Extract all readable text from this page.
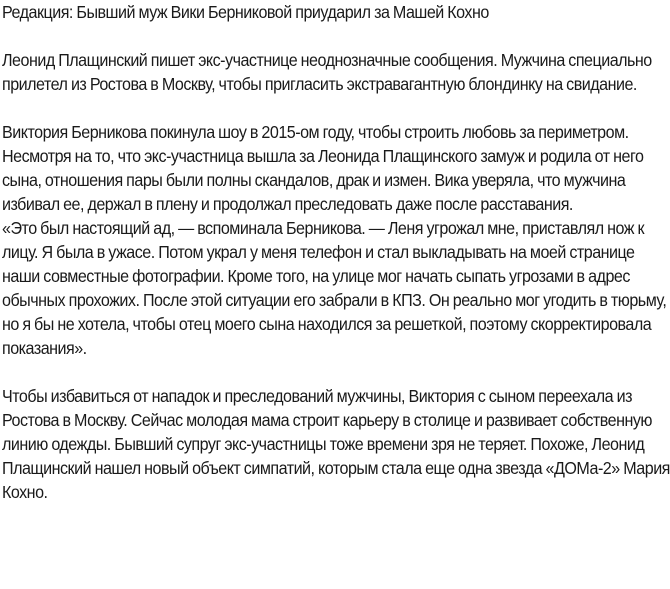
Редакция: Бывший муж Вики Берниковой приударил за Машей Кохно

Леонид Плащинский пишет экс-участнице неоднозначные сообщения. Мужчина специально прилетел из Ростова в Москву, чтобы пригласить экстравагантную блондинку на свидание.

Виктория Берникова покинула шоу в 2015-ом году, чтобы строить любовь за периметром. Несмотря на то, что экс-участница вышла за Леонида Плащинского замуж и родила от него сына, отношения пары были полны скандалов, драк и измен. Вика уверяла, что мужчина избивал ее, держал в плену и продолжал преследовать даже после расставания.

«Это был настоящий ад, — вспоминала Берникова. — Леня угрожал мне, приставлял нож к лицу. Я была в ужасе. Потом украл у меня телефон и стал выкладывать на моей странице наши совместные фотографии. Кроме того, на улице мог начать сыпать угрозами в адрес обычных прохожих. После этой ситуации его забрали в КПЗ. Он реально мог угодить в тюрьму, но я бы не хотела, чтобы отец моего сына находился за решеткой, поэтому скорректировала показания».

Чтобы избавиться от нападок и преследований мужчины, Виктория с сыном переехала из Ростова в Москву. Сейчас молодая мама строит карьеру в столице и развивает собственную линию одежды. Бывший супруг экс-участницы тоже времени зря не теряет. Похоже, Леонид Плащинский нашел новый объект симпатий, которым стала еще одна звезда «ДОМа-2» Мария Кохно.
